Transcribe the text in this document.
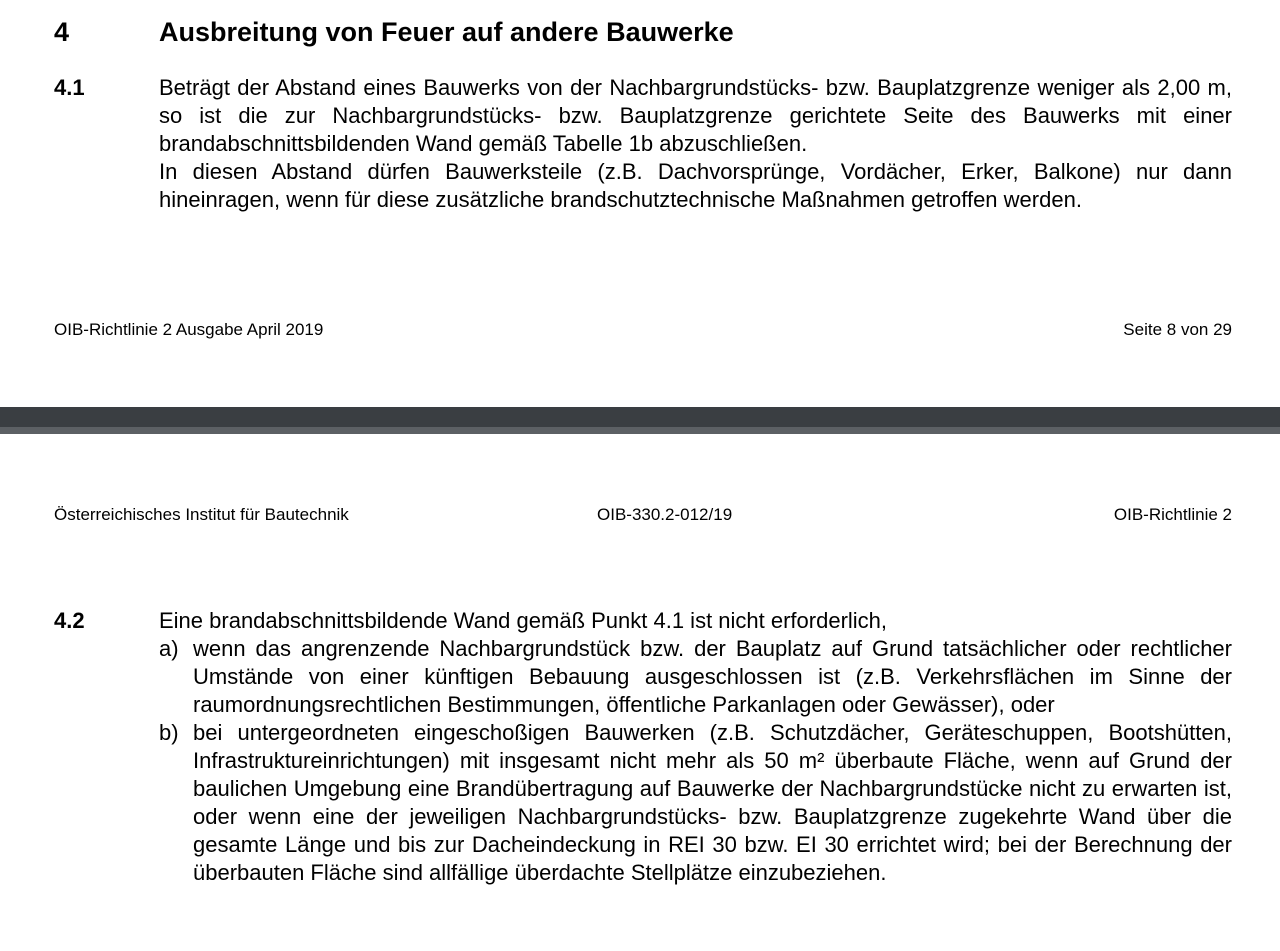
4	Ausbreitung von Feuer auf andere Bauwerke
4.1	Beträgt der Abstand eines Bauwerks von der Nachbargrundstücks- bzw. Bauplatzgrenze weniger als 2,00 m, so ist die zur Nachbargrundstücks- bzw. Bauplatzgrenze gerichtete Seite des Bauwerks mit einer brandabschnittsbildenden Wand gemäß Tabelle 1b abzuschließen.

In diesen Abstand dürfen Bauwerksteile (z.B. Dachvorsprünge, Vordächer, Erker, Balkone) nur dann hineinragen, wenn für diese zusätzliche brandschutztechnische Maßnahmen getroffen werden.

OIB-Richtlinie 2 Ausgabe April 2019	Seite 8 von 29
Österreichisches Institut für Bautechnik	OIB-330.2-012/19	OIB-Richtlinie 2
4.2	Eine brandabschnittsbildende Wand gemäß Punkt 4.1 ist nicht erforderlich,

a) wenn das angrenzende Nachbargrundstück bzw. der Bauplatz auf Grund tatsächlicher oder rechtlicher Umstände von einer künftigen Bebauung ausgeschlossen ist (z.B. Verkehrsflächen im Sinne der raumordnungsrechtlichen Bestimmungen, öffentliche Parkanlagen oder Gewässer), oder
b) bei untergeordneten eingeschoßigen Bauwerken (z.B. Schutzdächer, Geräteschuppen, Bootshütten, Infrastruktureinrichtungen) mit insgesamt nicht mehr als 50 m² überbaute Fläche, wenn auf Grund der baulichen Umgebung eine Brandübertragung auf Bauwerke der Nachbargrundstücke nicht zu erwarten ist, oder wenn eine der jeweiligen Nachbargrundstücks- bzw. Bauplatzgrenze zugekehrte Wand über die gesamte Länge und bis zur Dacheindeckung in REI 30 bzw. EI 30 errichtet wird; bei der Berechnung der überbauten Fläche sind allfällige überdachte Stellplätze einzubeziehen.
